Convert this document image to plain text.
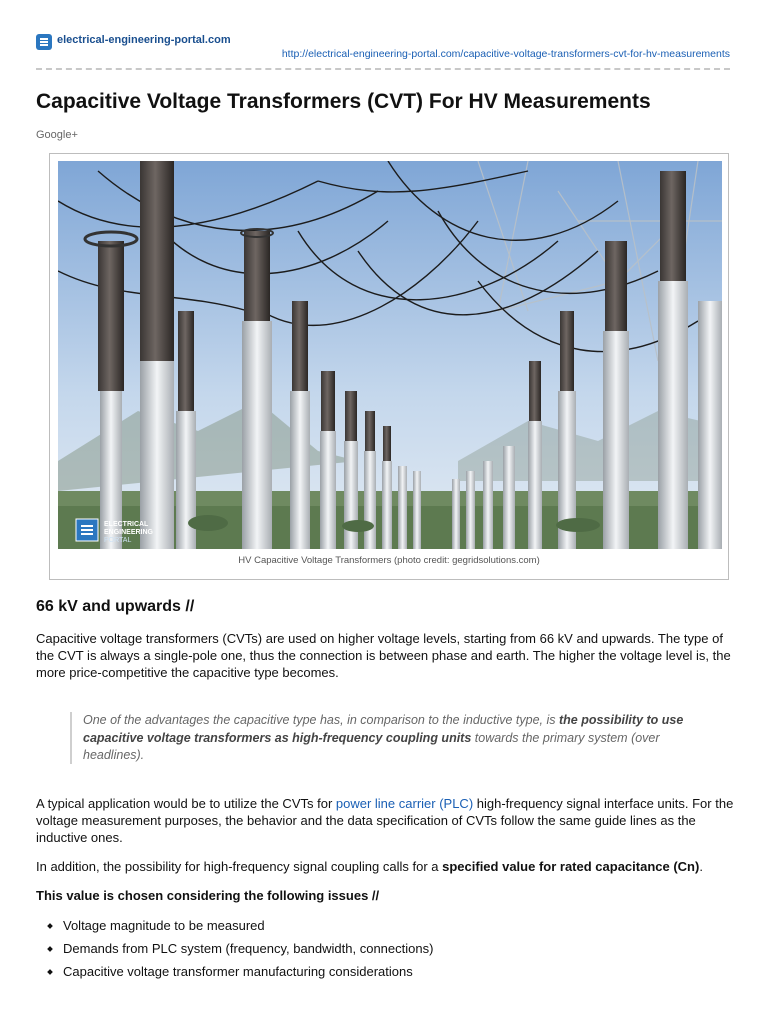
electrical-engineering-portal.com
http://electrical-engineering-portal.com/capacitive-voltage-transformers-cvt-for-hv-measurements
Capacitive Voltage Transformers (CVT) For HV Measurements
Google+
ELECTRICAL
ENGINEERING
PORTAL
HV Capacitive Voltage Transformers (photo credit: gegridsolutions.com)
66 kV and upwards //

Capacitive voltage transformers (CVTs) are used on higher voltage levels, starting from 66 kV and upwards. The type of the CVT is always a single-pole one, thus the connection is between phase and earth. The higher the voltage level is, the more price-competitive the capacitive type becomes.

One of the advantages the capacitive type has, in comparison to the inductive type, is the possibility to use capacitive voltage transformers as high-frequency coupling units towards the primary system (over headlines).

A typical application would be to utilize the CVTs for power line carrier (PLC) high-frequency signal interface units. For the voltage measurement purposes, the behavior and the data specification of CVTs follow the same guide lines as the inductive ones.

In addition, the possibility for high-frequency signal coupling calls for a specified value for rated capacitance (Cn).

This value is chosen considering the following issues //

Voltage magnitude to be measured
Demands from PLC system (frequency, bandwidth, connections)
Capacitive voltage transformer manufacturing considerations
